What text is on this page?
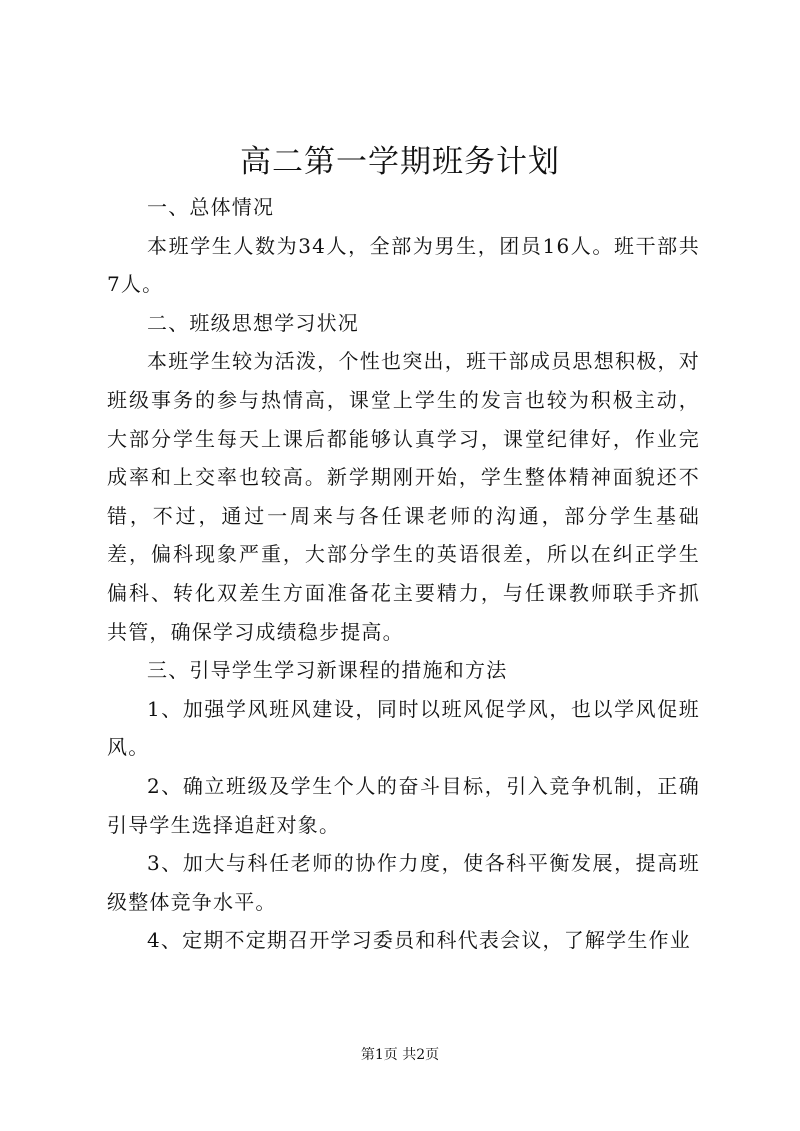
高二第一学期班务计划

一、总体情况

本班学生人数为34人，全部为男生，团员16人。班干部共7人。

二、班级思想学习状况

本班学生较为活泼，个性也突出，班干部成员思想积极，对班级事务的参与热情高，课堂上学生的发言也较为积极主动，大部分学生每天上课后都能够认真学习，课堂纪律好，作业完成率和上交率也较高。新学期刚开始，学生整体精神面貌还不错，不过，通过一周来与各任课老师的沟通，部分学生基础差，偏科现象严重，大部分学生的英语很差，所以在纠正学生偏科、转化双差生方面准备花主要精力，与任课教师联手齐抓共管，确保学习成绩稳步提高。

三、引导学生学习新课程的措施和方法

1、加强学风班风建设，同时以班风促学风，也以学风促班风。

2、确立班级及学生个人的奋斗目标，引入竞争机制，正确引导学生选择追赶对象。

3、加大与科任老师的协作力度，使各科平衡发展，提高班级整体竞争水平。

4、定期不定期召开学习委员和科代表会议，了解学生作业

第1页 共2页
